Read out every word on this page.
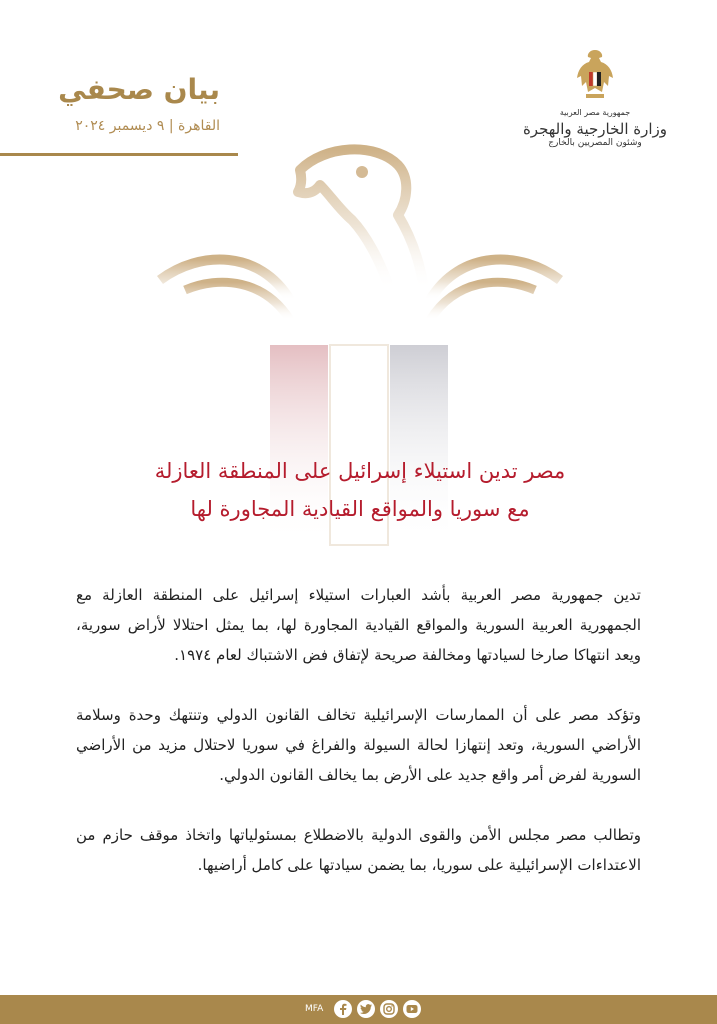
بيان صحفي
القاهرة | ٩ ديسمبر ٢٠٢٤
جمهورية مصر العربية
وزارة الخارجية والهجرة
وشئون المصريين بالخارج
مصر تدين استيلاء إسرائيل على المنطقة العازلة
مع سوريا والمواقع القيادية المجاورة لها

تدين جمهورية مصر العربية بأشد العبارات استيلاء إسرائيل على المنطقة العازلة مع الجمهورية العربية السورية والمواقع القيادية المجاورة لها، بما يمثل احتلالا لأراض سورية، ويعد انتهاكا صارخا لسيادتها ومخالفة صريحة لإتفاق فض الاشتباك لعام ١٩٧٤.

وتؤكد مصر على أن الممارسات الإسرائيلية تخالف القانون الدولي وتنتهك وحدة وسلامة الأراضي السورية، وتعد إنتهازا لحالة السيولة والفراغ في سوريا لاحتلال مزيد من الأراضي السورية لفرض أمر واقع جديد على الأرض بما يخالف القانون الدولي.

وتطالب مصر مجلس الأمن والقوى الدولية بالاضطلاع بمسئولياتها واتخاذ موقف حازم من الاعتداءات الإسرائيلية على سوريا، بما يضمن سيادتها على كامل أراضيها.

MFA
